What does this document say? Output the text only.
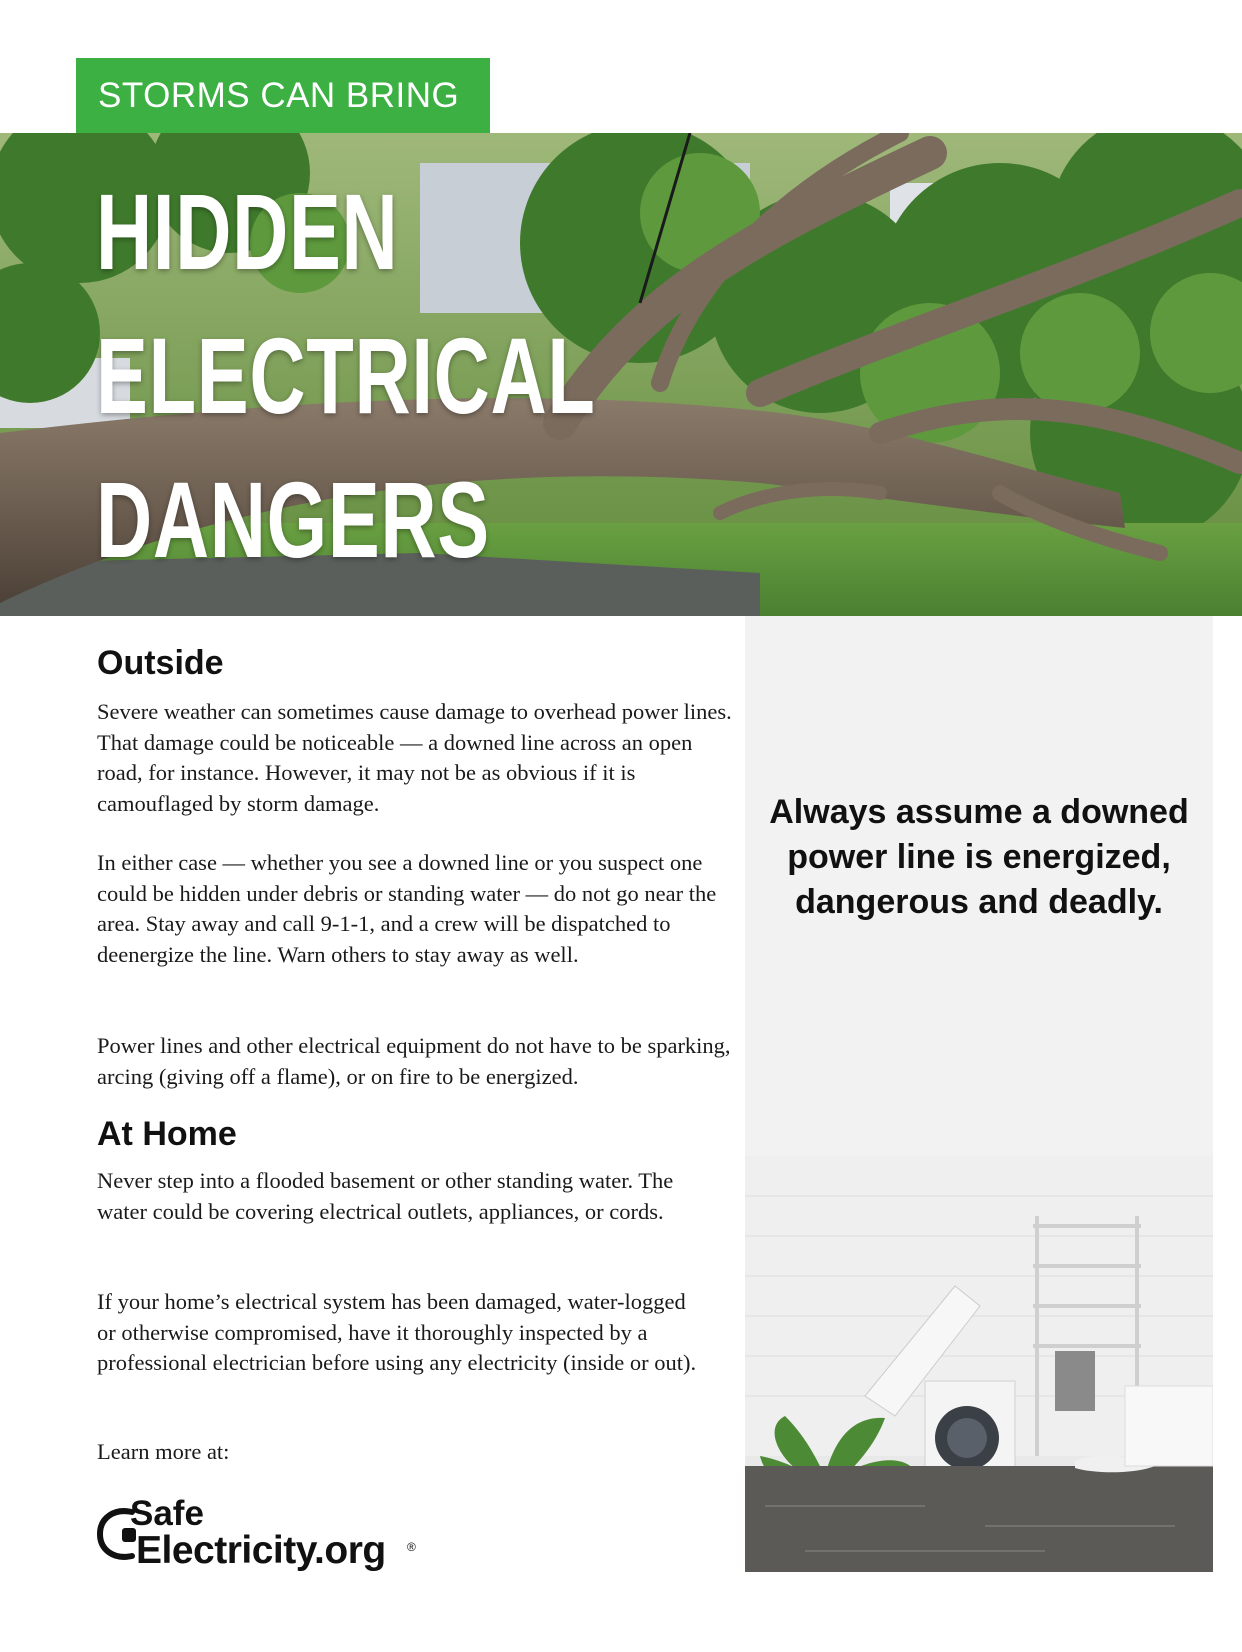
STORMS CAN BRING
HIDDEN
ELECTRICAL
DANGERS
Always assume a downed power line is energized, dangerous and deadly.
Outside

Severe weather can sometimes cause damage to overhead power lines. That damage could be noticeable — a downed line across an open road, for instance. However, it may not be as obvious if it is camouflaged by storm damage.

In either case — whether you see a downed line or you suspect one could be hidden under debris or standing water — do not go near the area. Stay away and call 9-1-1, and a crew will be dispatched to deenergize the line. Warn others to stay away as well.

Power lines and other electrical equipment do not have to be sparking, arcing (giving off a flame), or on fire to be energized.

At Home

Never step into a flooded basement or other standing water. The water could be covering electrical outlets, appliances, or cords.

If your home’s electrical system has been damaged, water-logged or otherwise compromised, have it thoroughly inspected by a professional electrician before using any electricity (inside or out).

Learn more at:

Safe
Electricity.org ®
